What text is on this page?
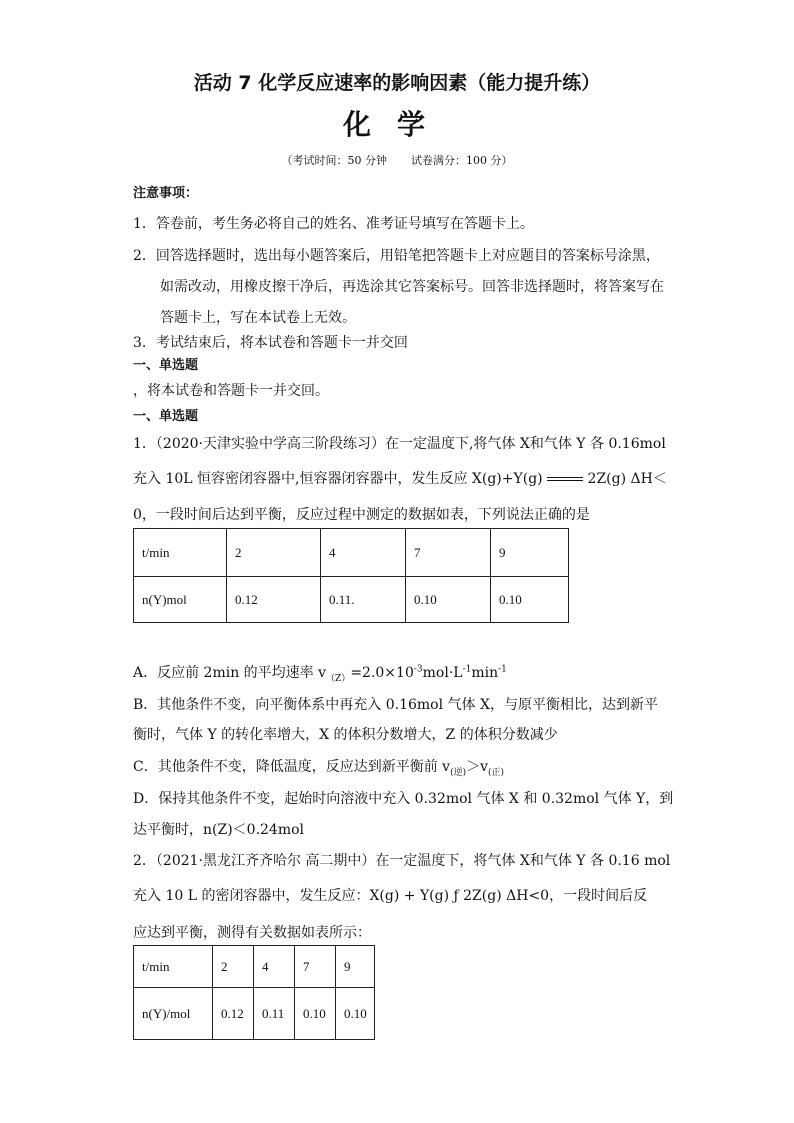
活动 7 化学反应速率的影响因素（能力提升练）
化学
（考试时间：50 分钟 试卷满分：100 分）
注意事项：
1．答卷前，考生务必将自己的姓名、准考证号填写在答题卡上。
2．回答选择题时，选出每小题答案后，用铅笔把答题卡上对应题目的答案标号涂黑，
如需改动，用橡皮擦干净后，再选涂其它答案标号。回答非选择题时，将答案写在
答题卡上，写在本试卷上无效。
3．考试结束后，将本试卷和答题卡一并交回
一、单选题
，将本试卷和答题卡一并交回。
一、单选题
1．（2020·天津实验中学高三阶段练习）在一定温度下,将气体 X和气体 Y 各 0.16mol
充入 10L 恒容密闭容器中,恒容器闭容器中，发生反应 X(g)+Y(g)	2Z(g) ΔH＜
0，一段时间后达到平衡，反应过程中测定的数据如表，下列说法正确的是
t/min	2	4	7	9
n(Y)mol	0.12	0.11.	0.10	0.10
A．反应前 2min 的平均速率 $v_{(Z)}=2.0\times 10^{-3}mol\cdot L^{-1}\min^{-1}$
B．其他条件不变，向平衡体系中再充入 0.16mol 气体 X，与原平衡相比，达到新平
衡时，气体 Y 的转化率增大，X 的体积分数增大，Z 的体积分数减少
C．其他条件不变，降低温度，反应达到新平衡前 $v_{(逆)}>v_{(正)}$
D．保持其他条件不变，起始时向溶液中充入 0.32mol 气体 X 和 0.32mol 气体 Y，到
达平衡时，n(Z)＜0.24mol
2．（2021·黑龙江齐齐哈尔 高二期中）在一定温度下，将气体 X和气体 Y 各 0.16 mol
充入 10 L 的密闭容器中，发生反应：X(g) + Y(g) ƒ 2Z(g) ΔH<0，一段时间后反
应达到平衡，测得有关数据如表所示：
t/min	2	4	7	9
n(Y)/mol	0.12	0.11	0.10	0.10
